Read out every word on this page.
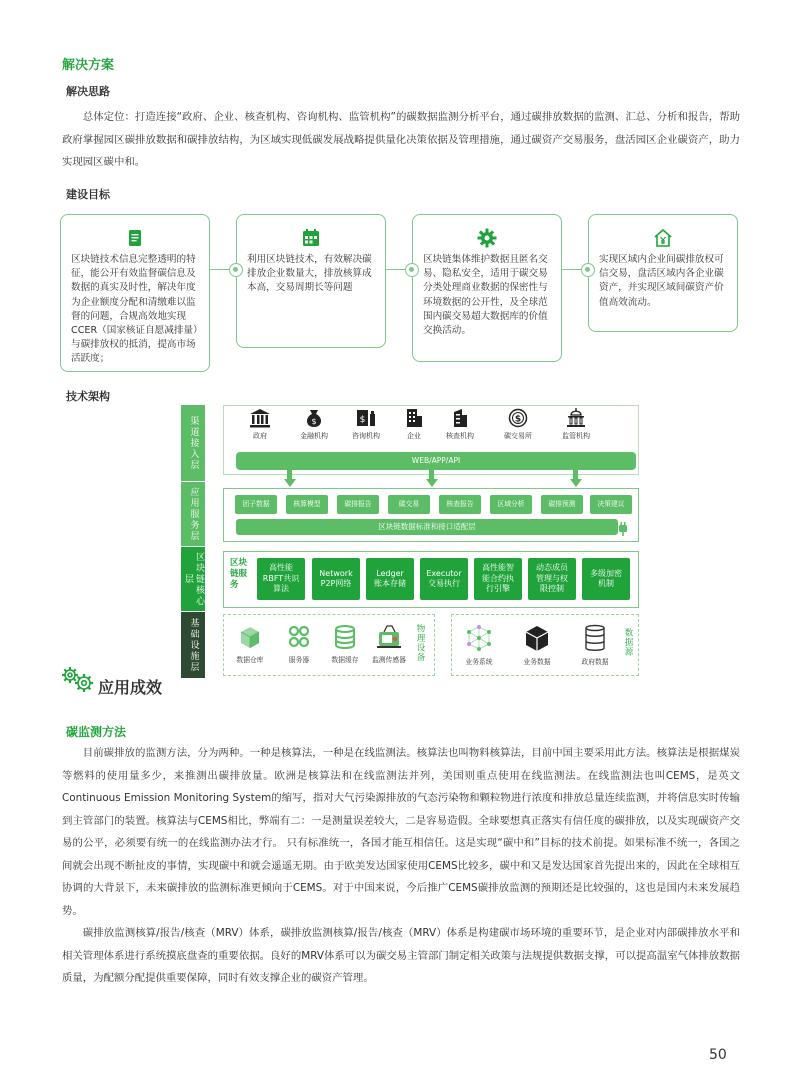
解决方案
解决思路

总体定位：打造连接“政府、企业、核查机构、咨询机构、监管机构”的碳数据监测分析平台，通过碳排放数据的监测、汇总、分析和报告，帮助政府掌握园区碳排放数据和碳排放结构，为区域实现低碳发展战略提供量化决策依据及管理措施，通过碳资产交易服务，盘活园区企业碳资产，助力实现园区碳中和。

建设目标
区块链技术信息完整透明的特征，能公开有效监督碳信息及数据的真实及时性，解决年度为企业额度分配和清缴难以监督的问题，合规高效地实现CCER（国家核证自愿减排量）与碳排放权的抵消，提高市场活跃度；
利用区块链技术，有效解决碳排放企业数量大，排放核算成本高，交易周期长等问题
区块链集体维护数据且匿名交易、隐私安全，适用于碳交易分类处理商业数据的保密性与环境数据的公开性，及全球范围内碳交易超大数据库的价值交换活动。
实现区域内企业间碳排放权可信交易，盘活区域内各企业碳资产，并实现区域间碳资产价值高效流动。
技术架构
渠道接入层
应用服务层
区块链核心层
基础设施层
政府
$
金融机构
$
咨询机构	企业	核查机构
$
碳交易所	监管机构
WEB/APP/API
团子数据	核算模型	碳排报告	碳交易	核查报告	区域分析	碳排预测	决策建议
区块链数据标准和接口适配层
区块链服务
高性能
RBFT共识
算法
Network
P2P网络
Ledger
账本存储
Executor
交易执行
高性能智
能合约执
行引擎
动态成员
管理与权
限控制
多级加密
机制
数据仓库	服务器	数据缓存	监测传感器	物理设备	业务系统	业务数据	政府数据
数据源
应用成效
碳监测方法

目前碳排放的监测方法，分为两种。一种是核算法，一种是在线监测法。核算法也叫物料核算法，目前中国主要采用此方法。核算法是根据煤炭等燃料的使用量多少，来推测出碳排放量。欧洲是核算法和在线监测法并列，美国则重点使用在线监测法。在线监测法也叫CEMS，是英文Continuous Emission Monitoring System的缩写，指对大气污染源排放的气态污染物和颗粒物进行浓度和排放总量连续监测，并将信息实时传输到主管部门的装置。核算法与CEMS相比，弊端有二：一是测量误差较大，二是容易造假。全球要想真正落实有信任度的碳排放，以及实现碳资产交易的公平，必须要有统一的在线监测办法才行。 只有标准统一，各国才能互相信任。这是实现“碳中和”目标的技术前提。如果标准不统一，各国之间就会出现不断扯皮的事情，实现碳中和就会遥遥无期。由于欧美发达国家使用CEMS比较多，碳中和又是发达国家首先提出来的，因此在全球相互协调的大背景下，未来碳排放的监测标准更倾向于CEMS。对于中国来说，今后推广CEMS碳排放监测的预期还是比较强的，这也是国内未来发展趋势。

碳排放监测核算/报告/核查（MRV）体系，碳排放监测核算/报告/核查（MRV）体系是构建碳市场环境的重要环节，是企业对内部碳排放水平和相关管理体系进行系统摸底盘查的重要依据。良好的MRV体系可以为碳交易主管部门制定相关政策与法规提供数据支撑，可以提高温室气体排放数据质量，为配额分配提供重要保障，同时有效支撑企业的碳资产管理。

50
